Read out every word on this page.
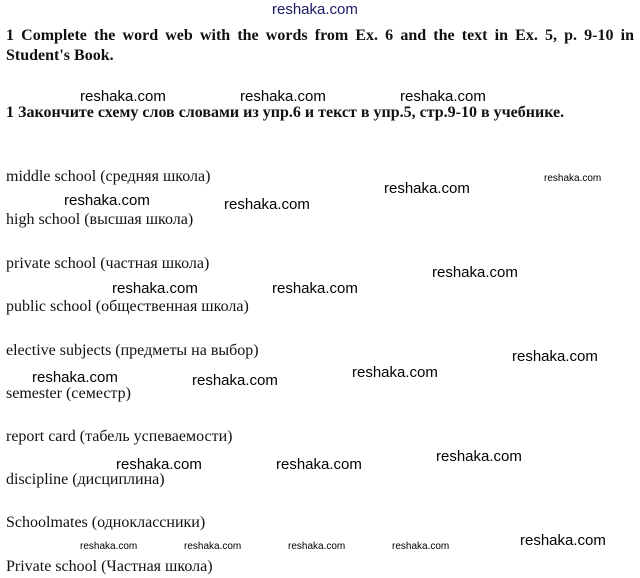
reshaka.com
1 Complete the word web with the words from Ex. 6 and the text in Ex. 5, p. 9-10 in Student's Book.
reshaka.com	reshaka.com	reshaka.com
1 Закончите схему слов словами из упр.6 и текст в упр.5, стр.9-10 в учебнике.
middle school (средняя школа)
high school (высшая школа)
private school (частная школа)
public school (общественная школа)
elective subjects (предметы на выбор)
semester (семестр)
report card (табель успеваемости)
discipline (дисциплина)
Schoolmates (одноклассники)
Private school (Частная школа)
reshaka.com
reshaka.com
reshaka.com	reshaka.com
reshaka.com
reshaka.com	reshaka.com
reshaka.com
reshaka.com
reshaka.com	reshaka.com
reshaka.com
reshaka.com	reshaka.com
reshaka.com
reshaka.com	reshaka.com	reshaka.com	reshaka.com
